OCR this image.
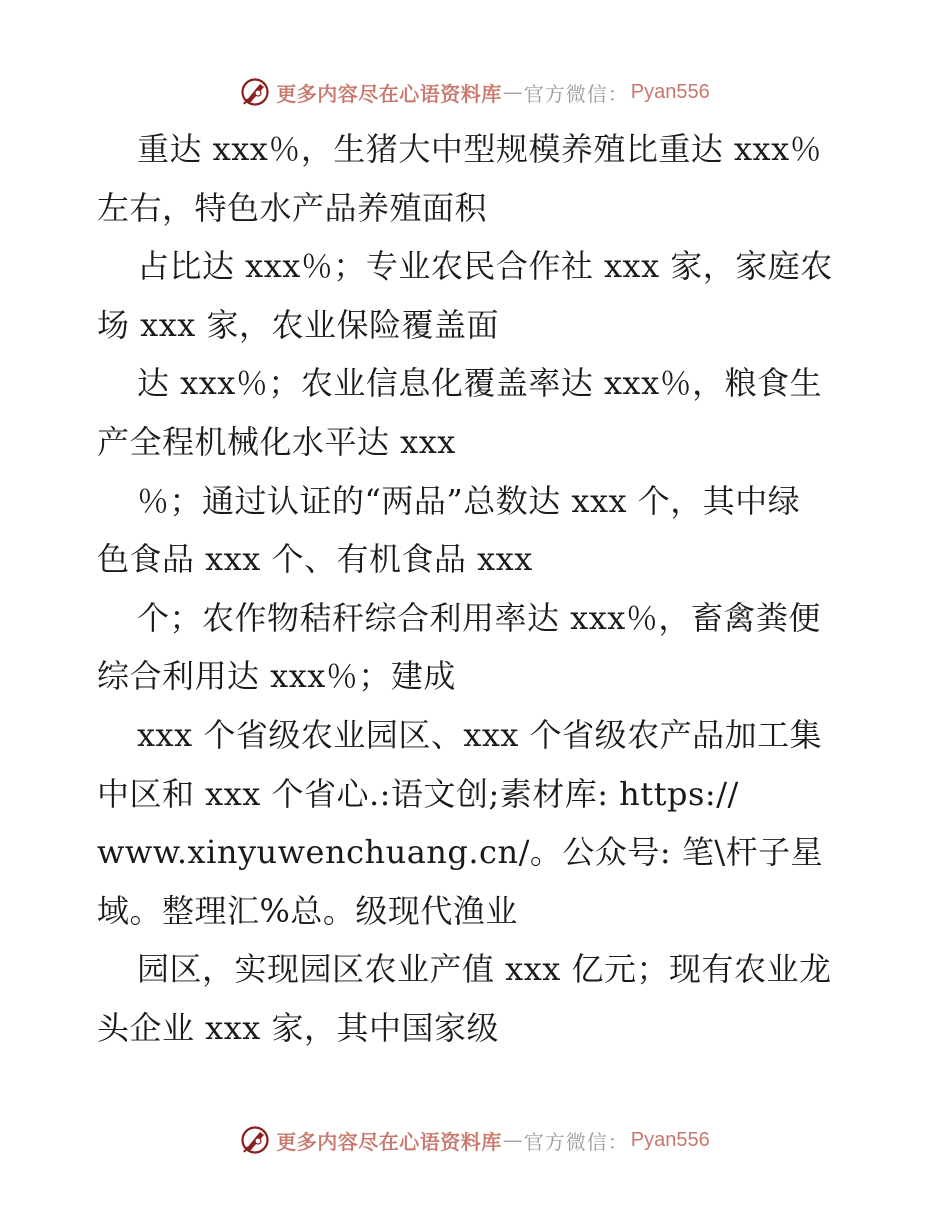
更多内容尽在心语资料库 — 官方微信： Pyan556
重达 xxx％，生猪大中型规模养殖比重达 xxx％
左右，特色水产品养殖面积
占比达 xxx％；专业农民合作社 xxx 家，家庭农
场 xxx 家，农业保险覆盖面
达 xxx％；农业信息化覆盖率达 xxx％，粮食生
产全程机械化水平达 xxx
％；通过认证的“两品”总数达 xxx 个，其中绿
色食品 xxx 个、有机食品 xxx
个；农作物秸秆综合利用率达 xxx％，畜禽粪便
综合利用达 xxx％；建成
xxx 个省级农业园区、xxx 个省级农产品加工集
中区和 xxx 个省心.:语文创;素材库: https://
www.xinyuwenchuang.cn/。公众号: 笔\杆子星
域。整理汇%总。级现代渔业
园区，实现园区农业产值 xxx 亿元；现有农业龙
头企业 xxx 家，其中国家级
更多内容尽在心语资料库 — 官方微信： Pyan556
